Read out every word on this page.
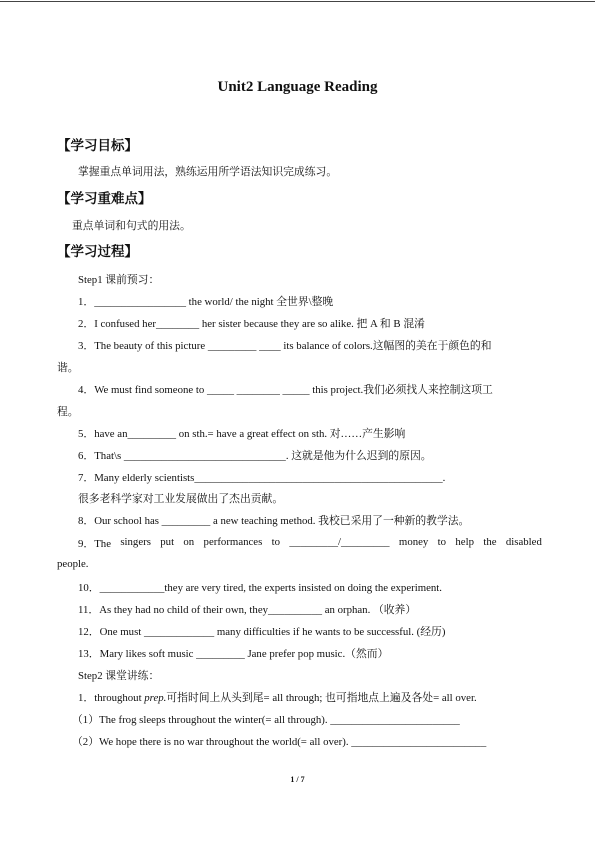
Unit2 Language Reading
【学习目标】
掌握重点单词用法，熟练运用所学语法知识完成练习。
【学习重难点】
重点单词和句式的用法。
【学习过程】
Step1 课前预习：
1．_________________ the world/ the night 全世界\整晚
2．I confused her________ her sister because they are so alike. 把 A 和 B 混淆
3．The beauty of this picture _________ ____ its balance of colors.这幅图的美在于颜色的和
谐。
4．We must find someone to _____ ________ _____ this project.我们必须找人来控制这项工
程。
5．have an_________ on sth.= have a great effect on sth. 对……产生影响
6．That\s ______________________________. 这就是他为什么迟到的原因。
7．Many elderly scientists______________________________________________.
很多老科学家对工业发展做出了杰出贡献。
8．Our school has _________ a new teaching method. 我校已采用了一种新的教学法。
9．The singers put on performances to _________/_________ money to help the disabled
people.
10．____________they are very tired, the experts insisted on doing the experiment.
11．As they had no child of their own, they__________ an orphan. （收养）
12．One must _____________ many difficulties if he wants to be successful. (经历)
13．Mary likes soft music _________ Jane prefer pop music.（然而）
Step2 课堂讲练：
1．throughout prep.可指时间上从头到尾= all through; 也可指地点上遍及各处= all over.
（1）The frog sleeps throughout the winter(= all through). ________________________
（2）We hope there is no war throughout the world(= all over). _________________________
1 / 7
